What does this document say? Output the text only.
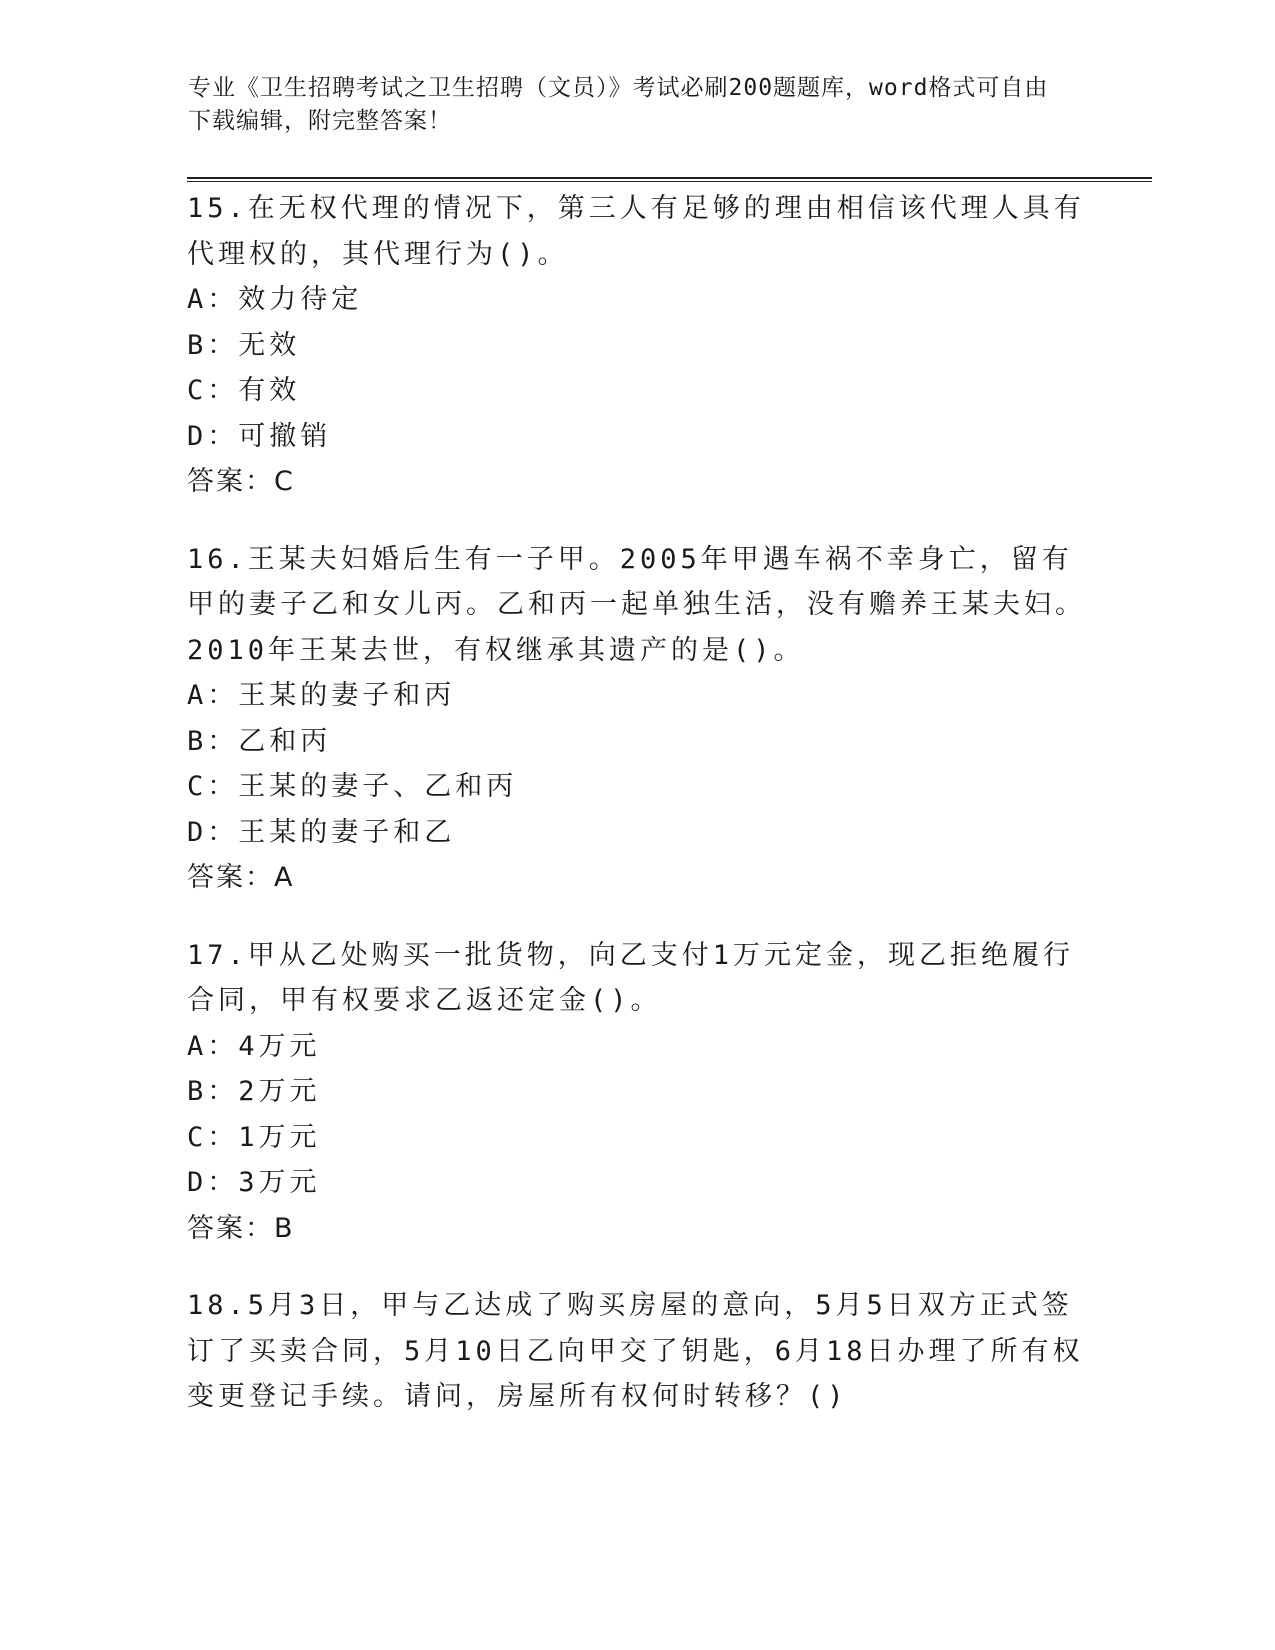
专业《卫生招聘考试之卫生招聘（文员）》考试必刷200题题库，word格式可自由下载编辑，附完整答案！
15.在无权代理的情况下，第三人有足够的理由相信该代理人具有代理权的，其代理行为()。
A：效力待定
B：无效
C：有效
D：可撤销
答案：C
16.王某夫妇婚后生有一子甲。2005年甲遇车祸不幸身亡，留有甲的妻子乙和女儿丙。乙和丙一起单独生活，没有赡养王某夫妇。2010年王某去世，有权继承其遗产的是()。
A：王某的妻子和丙
B：乙和丙
C：王某的妻子、乙和丙
D：王某的妻子和乙
答案：A
17.甲从乙处购买一批货物，向乙支付1万元定金，现乙拒绝履行合同，甲有权要求乙返还定金()。
A：4万元
B：2万元
C：1万元
D：3万元
答案：B
18.5月3日，甲与乙达成了购买房屋的意向，5月5日双方正式签订了买卖合同，5月10日乙向甲交了钥匙，6月18日办理了所有权变更登记手续。请问，房屋所有权何时转移？()
